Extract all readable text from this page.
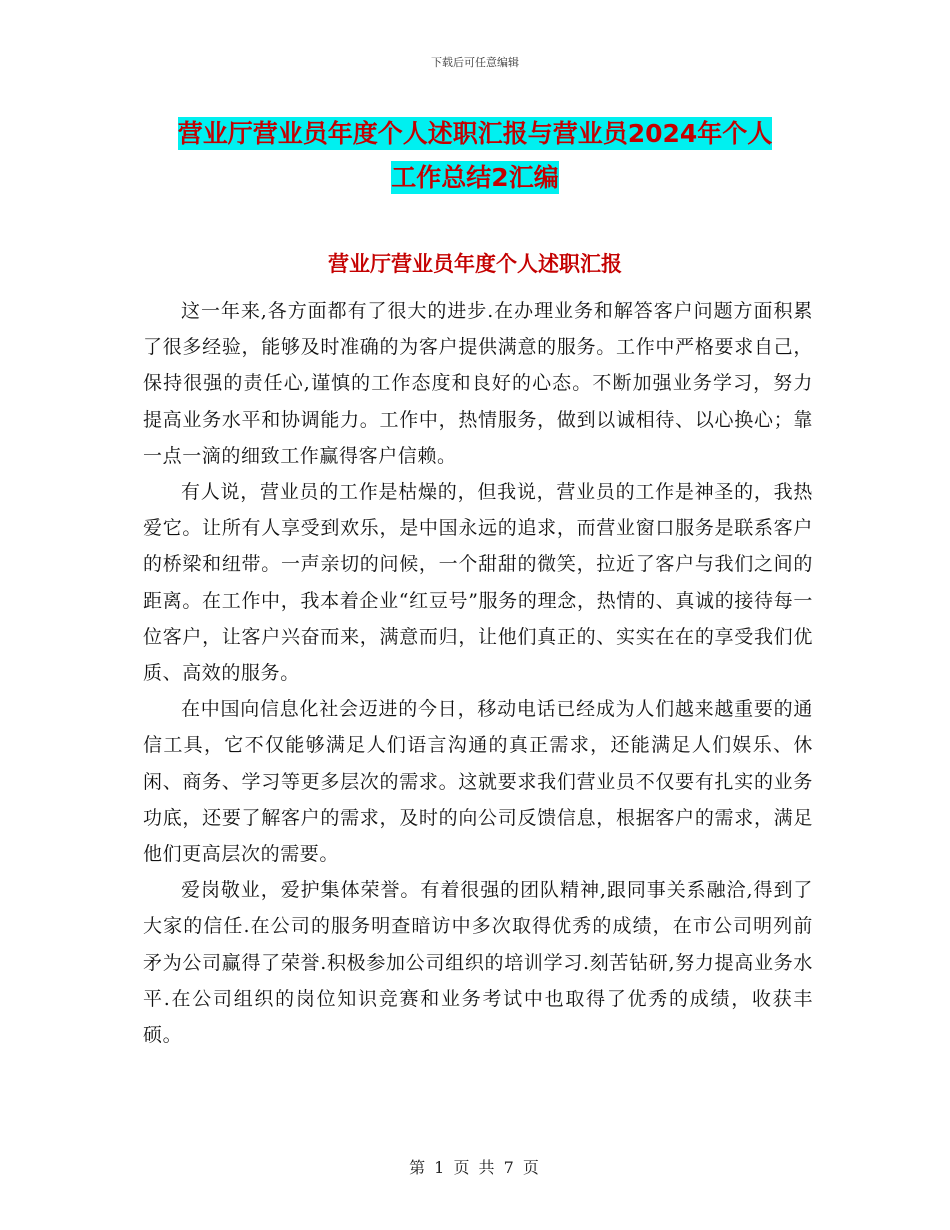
下载后可任意编辑
营业厅营业员年度个人述职汇报与营业员2024年个人
工作总结2汇编
营业厅营业员年度个人述职汇报

这一年来,各方面都有了很大的进步.在办理业务和解答客户问题方面积累了很多经验，能够及时准确的为客户提供满意的服务。工作中严格要求自己，保持很强的责任心,谨慎的工作态度和良好的心态。不断加强业务学习，努力提高业务水平和协调能力。工作中，热情服务，做到以诚相待、以心换心；靠一点一滴的细致工作赢得客户信赖。

有人说，营业员的工作是枯燥的，但我说，营业员的工作是神圣的，我热爱它。让所有人享受到欢乐，是中国永远的追求，而营业窗口服务是联系客户的桥梁和纽带。一声亲切的问候，一个甜甜的微笑，拉近了客户与我们之间的距离。在工作中，我本着企业“红豆号”服务的理念，热情的、真诚的接待每一位客户，让客户兴奋而来，满意而归，让他们真正的、实实在在的享受我们优质、高效的服务。

在中国向信息化社会迈进的今日，移动电话已经成为人们越来越重要的通信工具，它不仅能够满足人们语言沟通的真正需求，还能满足人们娱乐、休闲、商务、学习等更多层次的需求。这就要求我们营业员不仅要有扎实的业务功底，还要了解客户的需求，及时的向公司反馈信息，根据客户的需求，满足他们更高层次的需要。

爱岗敬业，爱护集体荣誉。有着很强的团队精神,跟同事关系融洽,得到了大家的信任.在公司的服务明查暗访中多次取得优秀的成绩，在市公司明列前矛为公司赢得了荣誉.积极参加公司组织的培训学习.刻苦钻研,努力提高业务水平.在公司组织的岗位知识竞赛和业务考试中也取得了优秀的成绩，收获丰硕。

第 1 页 共 7 页
